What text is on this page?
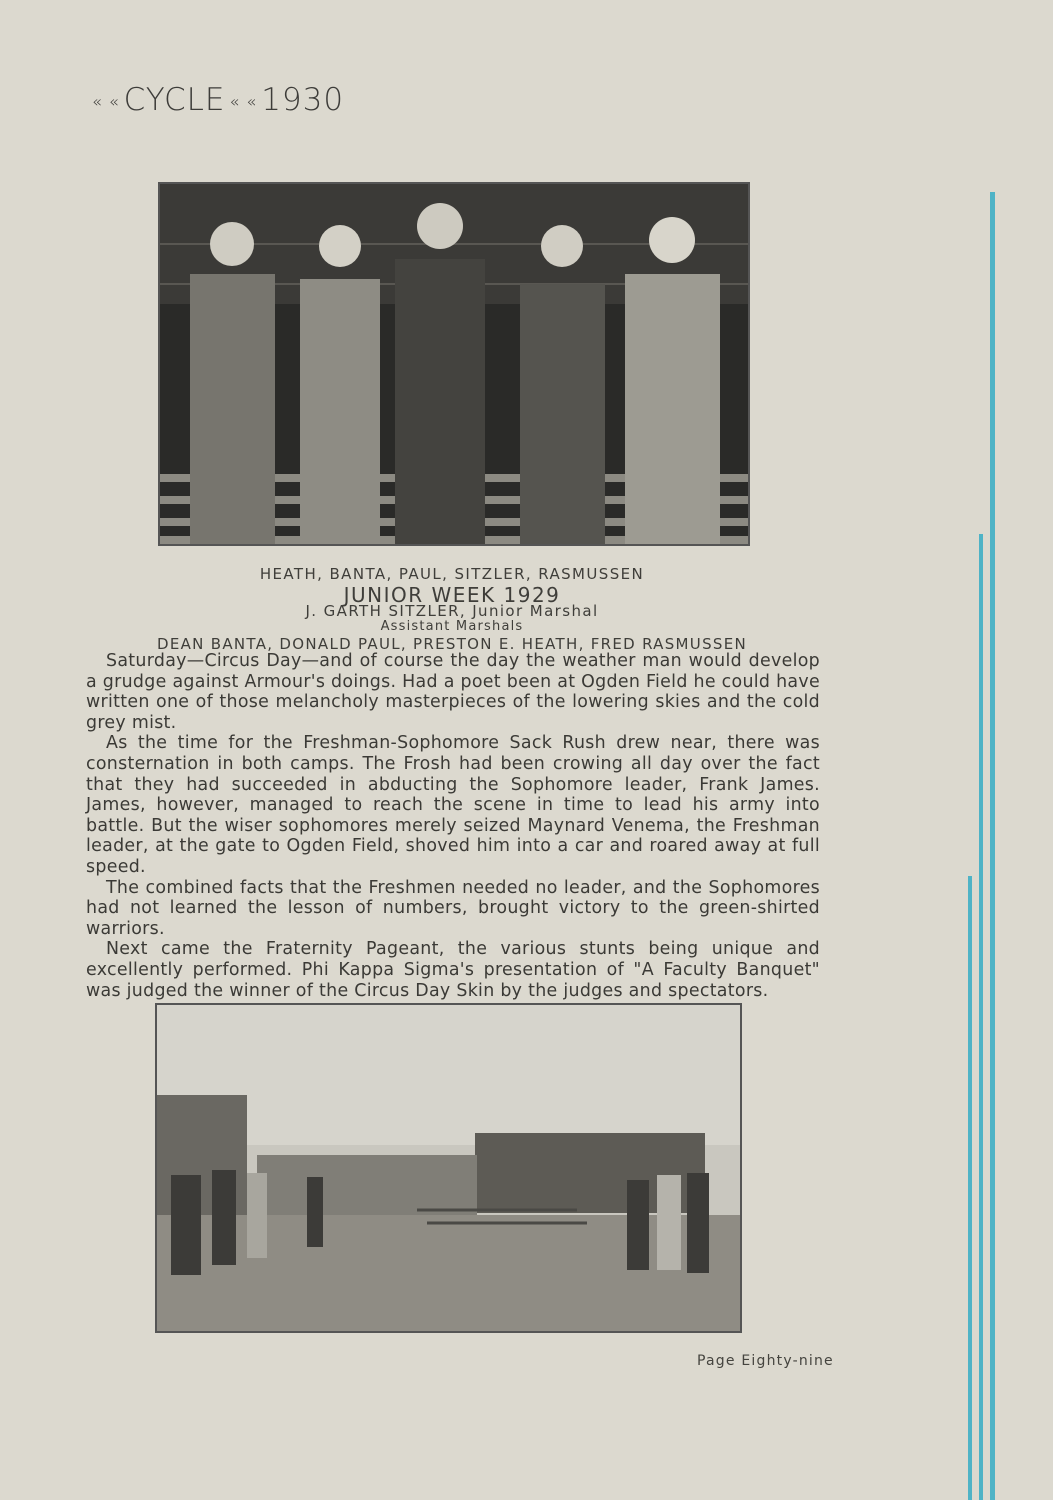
« « CYCLE « « 1930
HEATH, BANTA, PAUL, SITZLER, RASMUSSEN
JUNIOR WEEK 1929
J. GARTH SITZLER, Junior Marshal
Assistant Marshals
DEAN BANTA, DONALD PAUL, PRESTON E. HEATH, FRED RASMUSSEN

Saturday—Circus Day—and of course the day the weather man would develop a grudge against Armour's doings. Had a poet been at Ogden Field he could have written one of those melancholy masterpieces of the lowering skies and the cold grey mist.

As the time for the Freshman-Sophomore Sack Rush drew near, there was consternation in both camps. The Frosh had been crowing all day over the fact that they had succeeded in abducting the Sophomore leader, Frank James. James, however, managed to reach the scene in time to lead his army into battle. But the wiser sophomores merely seized Maynard Venema, the Freshman leader, at the gate to Ogden Field, shoved him into a car and roared away at full speed.

The combined facts that the Freshmen needed no leader, and the Sophomores had not learned the lesson of numbers, brought victory to the green-shirted warriors.

Next came the Fraternity Pageant, the various stunts being unique and excellently performed. Phi Kappa Sigma's presentation of "A Faculty Banquet" was judged the winner of the Circus Day Skin by the judges and spectators.

Page Eighty-nine
